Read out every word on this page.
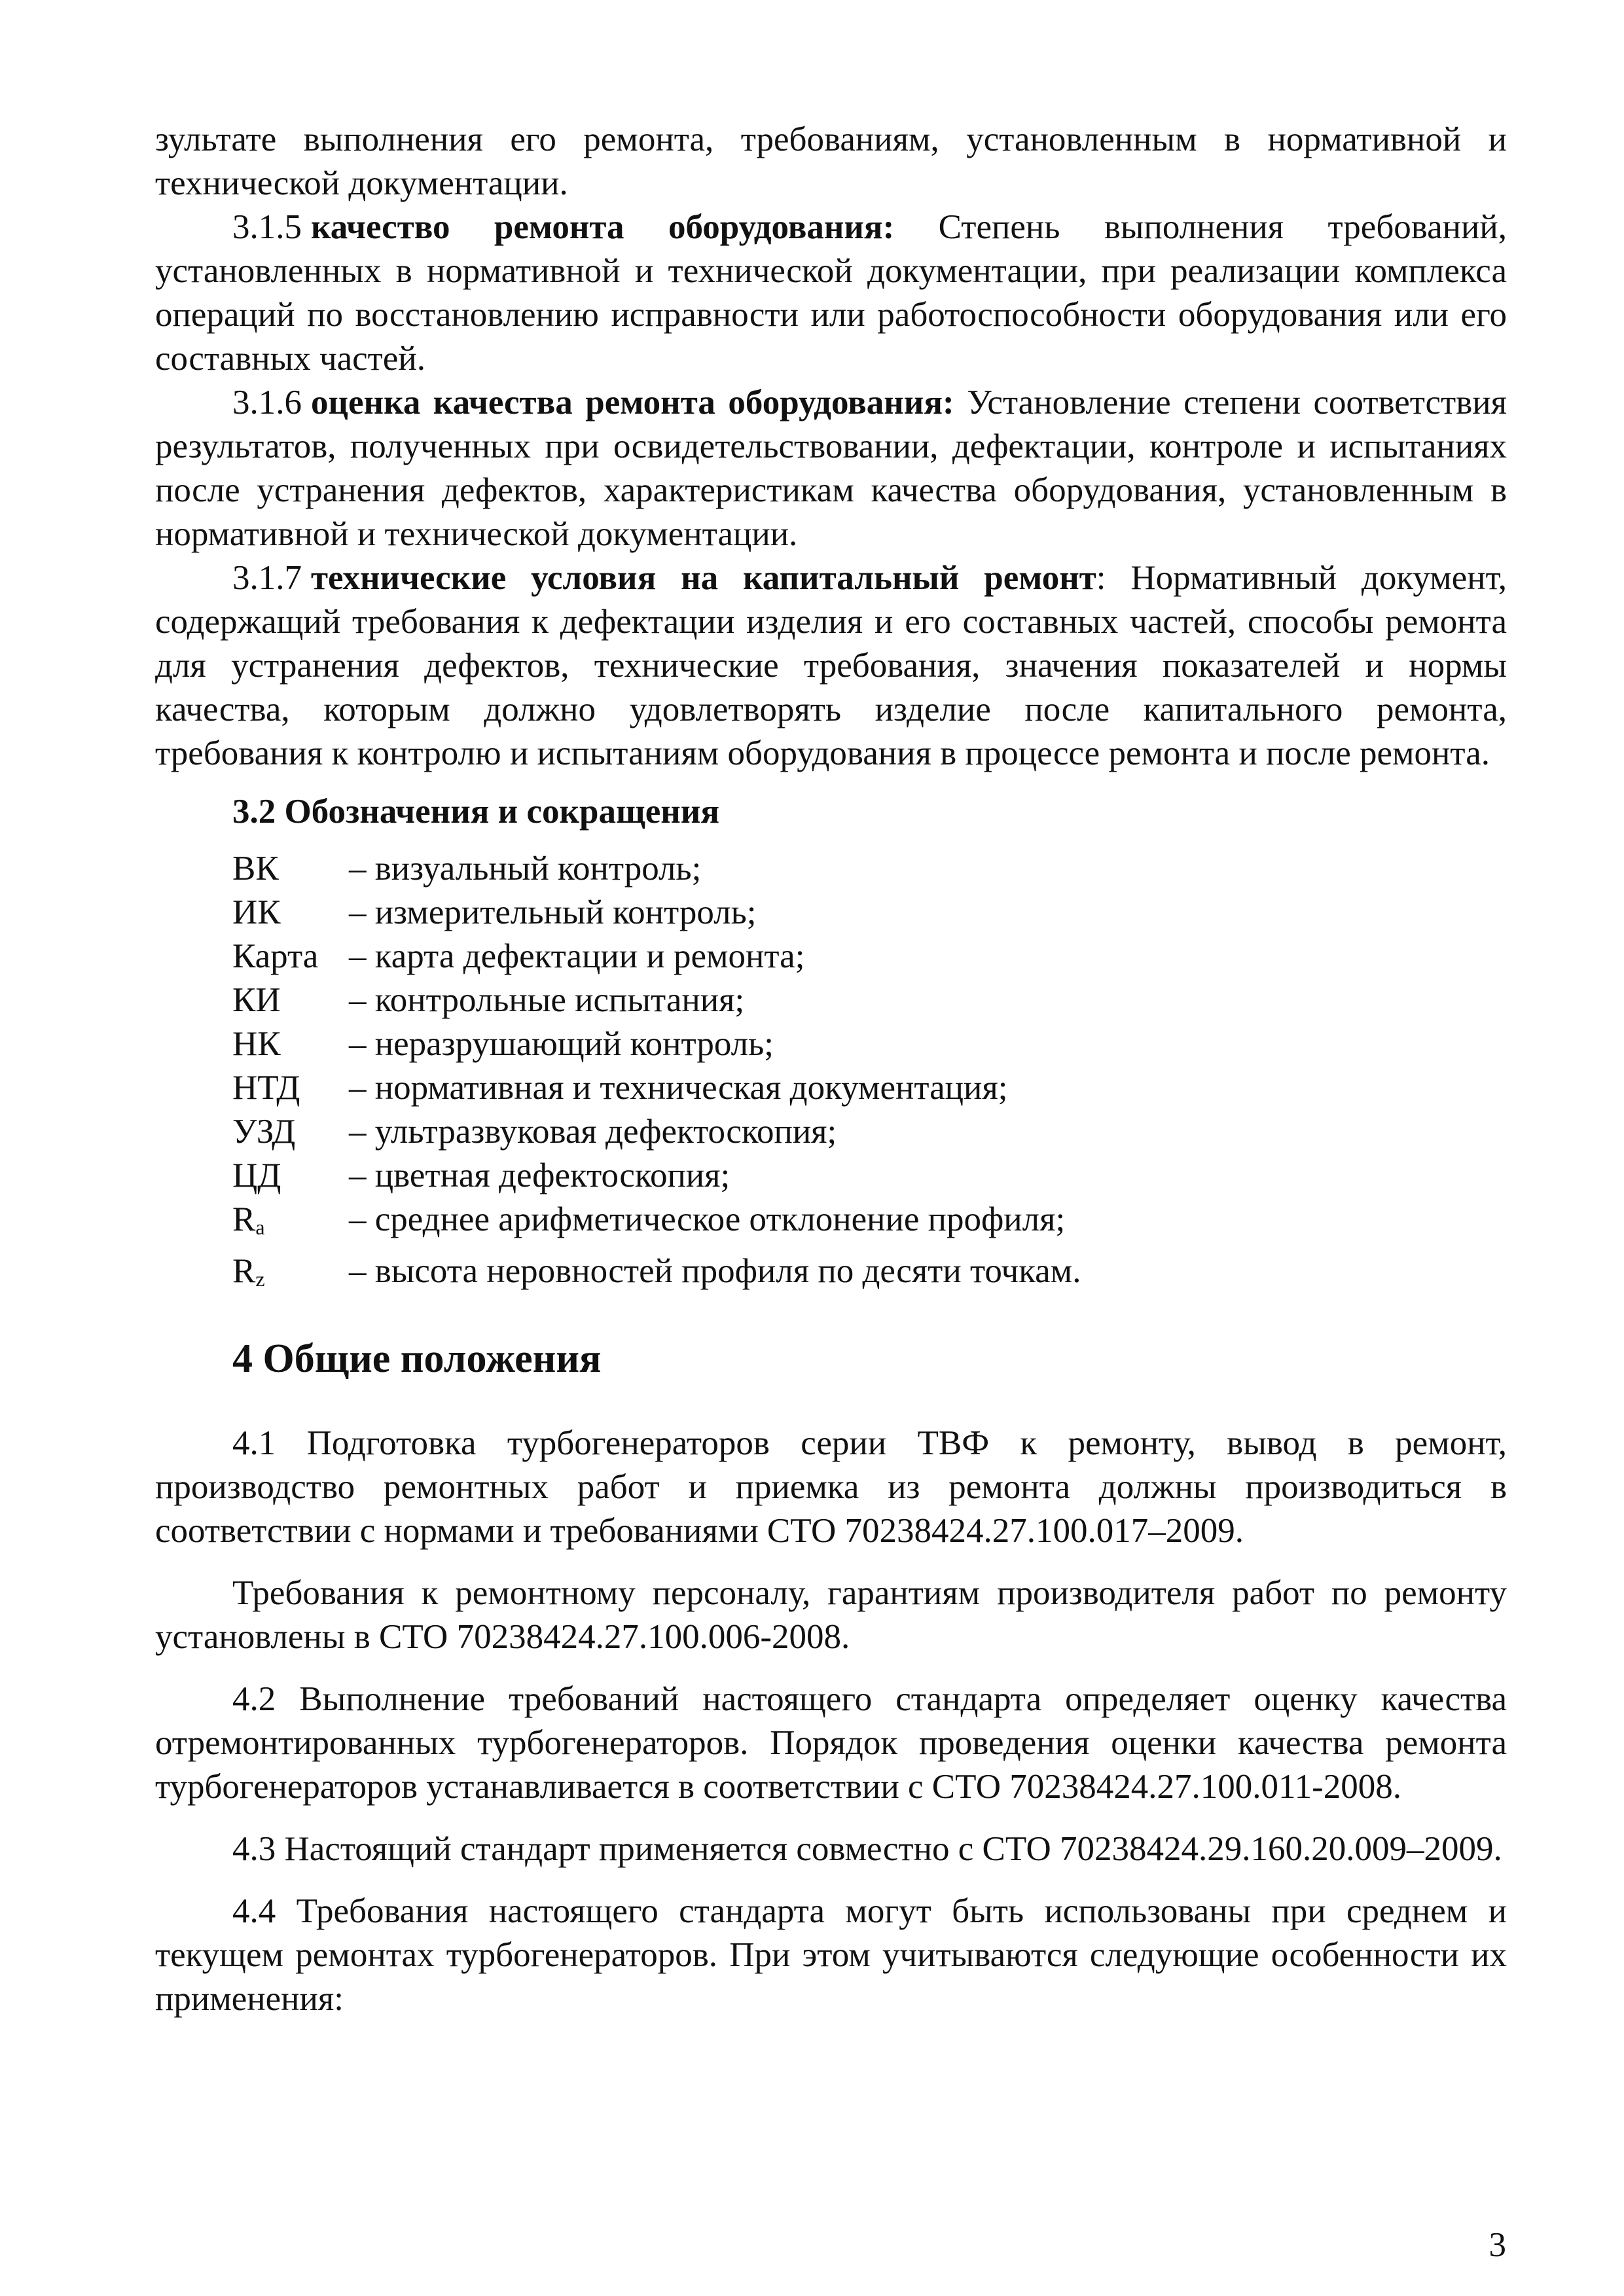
зультате выполнения его ремонта, требованиям, установленным в нормативной и технической документации.

3.1.5 качество ремонта оборудования: Степень выполнения требований, установленных в нормативной и технической документации, при реализации комплекса операций по восстановлению исправности или работоспособности оборудования или его составных частей.

3.1.6 оценка качества ремонта оборудования: Установление степени соответствия результатов, полученных при освидетельствовании, дефектации, контроле и испытаниях после устранения дефектов, характеристикам качества оборудования, установленным в нормативной и технической документации.

3.1.7 технические условия на капитальный ремонт: Нормативный документ, содержащий требования к дефектации изделия и его составных частей, способы ремонта для устранения дефектов, технические требования, значения показателей и нормы качества, которым должно удовлетворять изделие после капитального ремонта, требования к контролю и испытаниям оборудования в процессе ремонта и после ремонта.

3.2 Обозначения и сокращения
ВК	– визуальный контроль;
ИК	– измерительный контроль;
Карта – карта дефектации и ремонта;
КИ	– контрольные испытания;
НК	– неразрушающий контроль;
НТД	– нормативная и техническая документация;
УЗД	– ультразвуковая дефектоскопия;
ЦД	– цветная дефектоскопия;
$R_a$	– среднее арифметическое отклонение профиля;
$R_z$	– высота неровностей профиля по десяти точкам.
4 Общие положения

4.1 Подготовка турбогенераторов серии ТВФ к ремонту, вывод в ремонт, производство ремонтных работ и приемка из ремонта должны производиться в соответствии с нормами и требованиями СТО 70238424.27.100.017–2009.

Требования к ремонтному персоналу, гарантиям производителя работ по ремонту установлены в СТО 70238424.27.100.006-2008.

4.2 Выполнение требований настоящего стандарта определяет оценку качества отремонтированных турбогенераторов. Порядок проведения оценки качества ремонта турбогенераторов устанавливается в соответствии с СТО 70238424.27.100.011-2008.

4.3 Настоящий стандарт применяется совместно с СТО 70238424.29.160.20.009–2009.

4.4 Требования настоящего стандарта могут быть использованы при среднем и текущем ремонтах турбогенераторов. При этом учитываются следующие особенности их применения:

3
